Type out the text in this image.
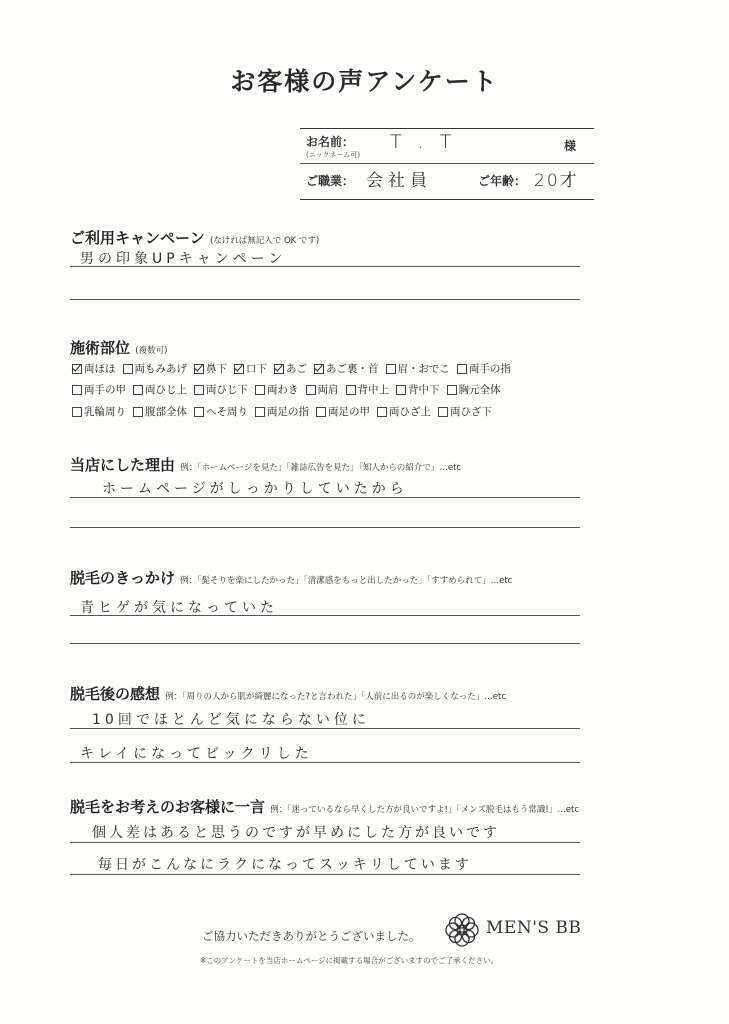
お客様の声アンケート
お名前：
(ニックネーム可)
T . T	様
ご職業： 会社員	ご年齢： 20才
ご利用キャンペーン (なければ無記入で OK です)
男の印象UPキャンペーン
施術部位 (複数可)
両ほほ 両もみあげ 鼻下 口下 あご あご裏・首 眉・おでこ 両手の指
両手の甲 両ひじ上 両ひじ下 両わき 両肩 背中上 背中下 胸元全体
乳輪周り 腹部全体 へそ周り 両足の指 両足の甲 両ひざ上 両ひざ下
当店にした理由 例：「ホームページを見た」「雑誌広告を見た」「知人からの紹介で」…etc
ホームページがしっかりしていたから
脱毛のきっかけ 例：「髭そりを楽にしたかった」「清潔感をもっと出したかった」「すすめられて」…etc
青ヒゲが気になっていた
脱毛後の感想 例：「周りの人から肌が綺麗になった?と言われた」「人前に出るのが楽しくなった」…etc
10回でほとんど気にならない位に
キレイになってビックリした
脱毛をお考えのお客様に一言 例：「迷っているなら早くした方が良いですよ!」「メンズ脱毛はもう常識!」…etc
個人差はあると思うのですが早めにした方が良いです
毎日がこんなにラクになってスッキリしています
ご協力いただきありがとうございました。	MEN'S BB
※このアンケートを当店ホームページに掲載する場合がございますのでご了承ください。
